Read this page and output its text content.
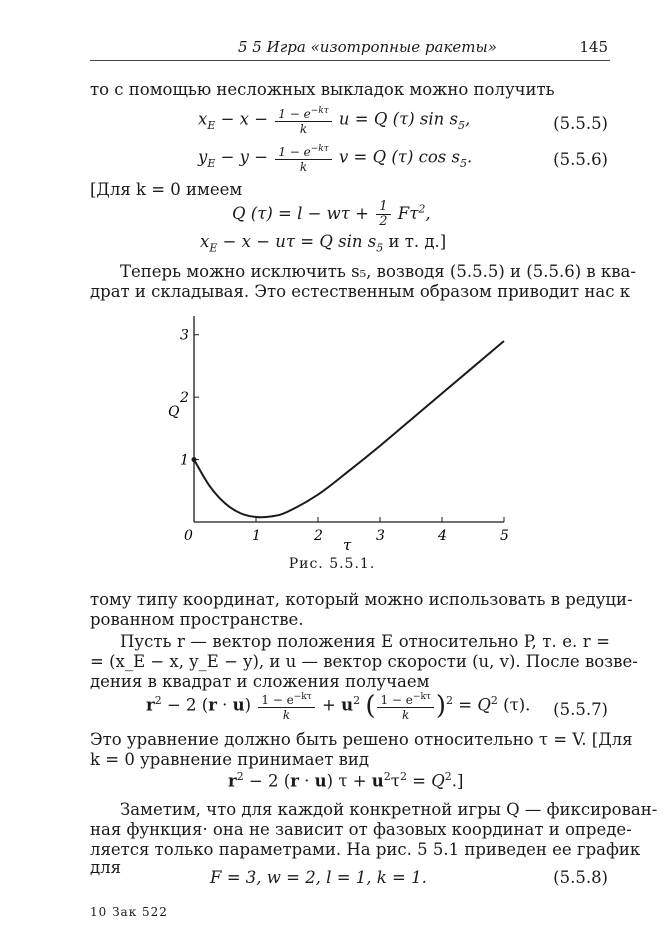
5 5 Игра «изотропные ракеты»	145
то с помощью несложных выкладок можно получить
$x_E - x - \frac{1 - e^{-k\tau}}{k}$ u = Q (τ) $\sin s_5$,	(5.5.5)
$y_E - y - \frac{1 - e^{-k\tau}}{k}$ v = Q (τ) $\cos s_5$.	(5.5.6)
[Для k = 0 имеем
Q $(\tau) = l - w\tau + \frac{1}{2} F\tau^2$,
$x_E - x - u\tau = Q$ $\sin s_5$ и т. д.]
Теперь можно исключить s₅, возводя (5.5.5) и (5.5.6) в ква-
драт и складывая. Это естественным образом приводит нас к
0	1	2	3	4	5
1
2
3
Q
τ
Рис. 5.5.1.
тому типу координат, который можно использовать в редуци-
рованном пространстве.
Пусть r — вектор положения E относительно P, т. е. r =
= (x_E − x, y_E − y), и u — вектор скорости (u, v). После возве-
дения в квадрат и сложения получаем
$r^2 - 2$ $(r \cdot u) \frac{1 - e^{-k\tau}}{k} + u^2$ ( $\frac{1 - e^{-k\tau}}{k} )^2 = Q^2$ (τ). (5.5.7)
Это уравнение должно быть решено относительно τ = V. [Для
k = 0 уравнение принимает вид
$r^2 - 2$ (r · u) $\tau + u^2\tau^2 = Q^2$.]
Заметим, что для каждой конкретной игры Q — фиксирован-
ная функция· она не зависит от фазовых координат и опреде-
ляется только параметрами. На рис. 5 5.1 приведен ее график
для
F = 3, w = 2, l = 1, k = 1.	(5.5.8)
10 Зак 522
